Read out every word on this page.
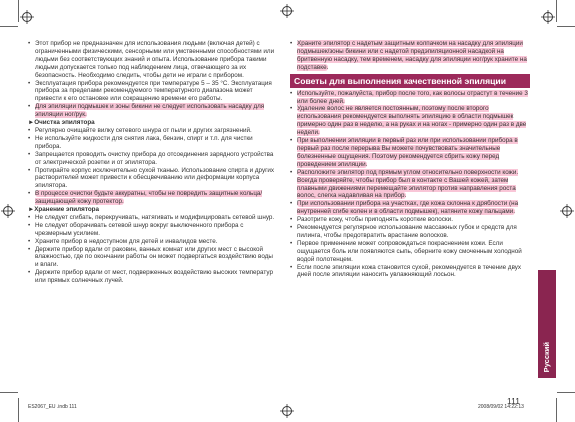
• Этот прибор не предназначен для использования людьми (включая детей) с ограниченными физическими, сенсорными или умственными способностями или людьми без соответствующих знаний и опыта. Использование прибора такими людьми допускается только под наблюдением лица, отвечающего за их безопасность. Необходимо следить, чтобы дети не играли с прибором.

• Эксплуатация прибора рекомендуется при температуре 5 – 35 °C. Эксплуатация прибора за пределами рекомендуемого температурного диапазона может привести к его остановке или сокращению времени его работы.

• Для эпиляции подмышек и зоны бикини не следует использовать насадку для эпиляции ног/рук.

►Очистка эпилятора

• Регулярно очищайте вилку сетевого шнура от пыли и других загрязнений.

• Не используйте жидкости для снятия лака, бензин, спирт и т.п. для чистки прибора.

• Запрещается проводить очистку прибора до отсоединения зарядного устройства от электрической розетки и от эпилятора.

• Протирайте корпус исключительно сухой тканью. Использование спирта и других растворителей может привести к обесцвечиванию или деформации корпуса эпилятора.

• В процессе очистки будьте аккуратны, чтобы не повредить защитные кольца/защищающей кожу протектор.

►Хранение эпилятора

• Не следует сгибать, перекручивать, натягивать и модифицировать сетевой шнур.

• Не следует оборачивать сетевой шнур вокруг выключенного прибора с чрезмерным усилием.

• Храните прибор в недоступном для детей и инвалидов месте.

• Держите прибор вдали от раковин, ванных комнат или других мест с высокой влажностью, где по окончании работы он может подвергаться воздействию воды и влаги.

• Держите прибор вдали от мест, подверженных воздействию высоких температур или прямых солнечных лучей.

• Храните эпилятор с надетым защитным колпачком на насадку для эпиляции подмышек/зоны бикини или с надетой предэпиляционной насадкой на бритвенную насадку, тем временем, насадку для эпиляции ног/рук храните на подставке.

Советы для выполнения качественной эпиляции

• Используйте, пожалуйста, прибор после того, как волосы отрастут в течение 3 или более дней.

• Удаление волос не является постоянным, поэтому после второго использования рекомендуется выполнять эпиляцию в области подмышек примерно один раз в неделю, а на руках и на ногах - примерно один раз в две недели.

• При выполнении эпиляции в первый раз или при использовании прибора в первый раз после перерыва Вы можете почувствовать значительные болезненные ощущения. Поэтому рекомендуется сбрить кожу перед проведением эпиляции.

• Расположите эпилятор под прямым углом относительно поверхности кожи. Всегда проверяйте, чтобы прибор был в контакте с Вашей кожей, затем плавными движениями перемещайте эпилятор против направления роста волос, слегка надавливая на прибор.

• При использовании прибора на участках, где кожа склонна к дряблости (на внутренней сгибе колен и в области подмышек), натяните кожу пальцами.

• Разотрите кожу, чтобы приподнять короткие волоски.

• Рекомендуется регулярное использование массажных губок и средств для пилинга, чтобы предотвратить врастание волосков.

• Первое применение может сопровождаться покраснением кожи. Если ощущается боль или появляются сыпь, оберните кожу смоченным холодной водой полотенцем.

• Если после эпиляции кожа становится сухой, рекомендуется в течение двух дней после эпиляции наносить увлажняющий лосьон.

Русский
111
ES2067_EU .indb 111	2008/09/02 14:22:13
